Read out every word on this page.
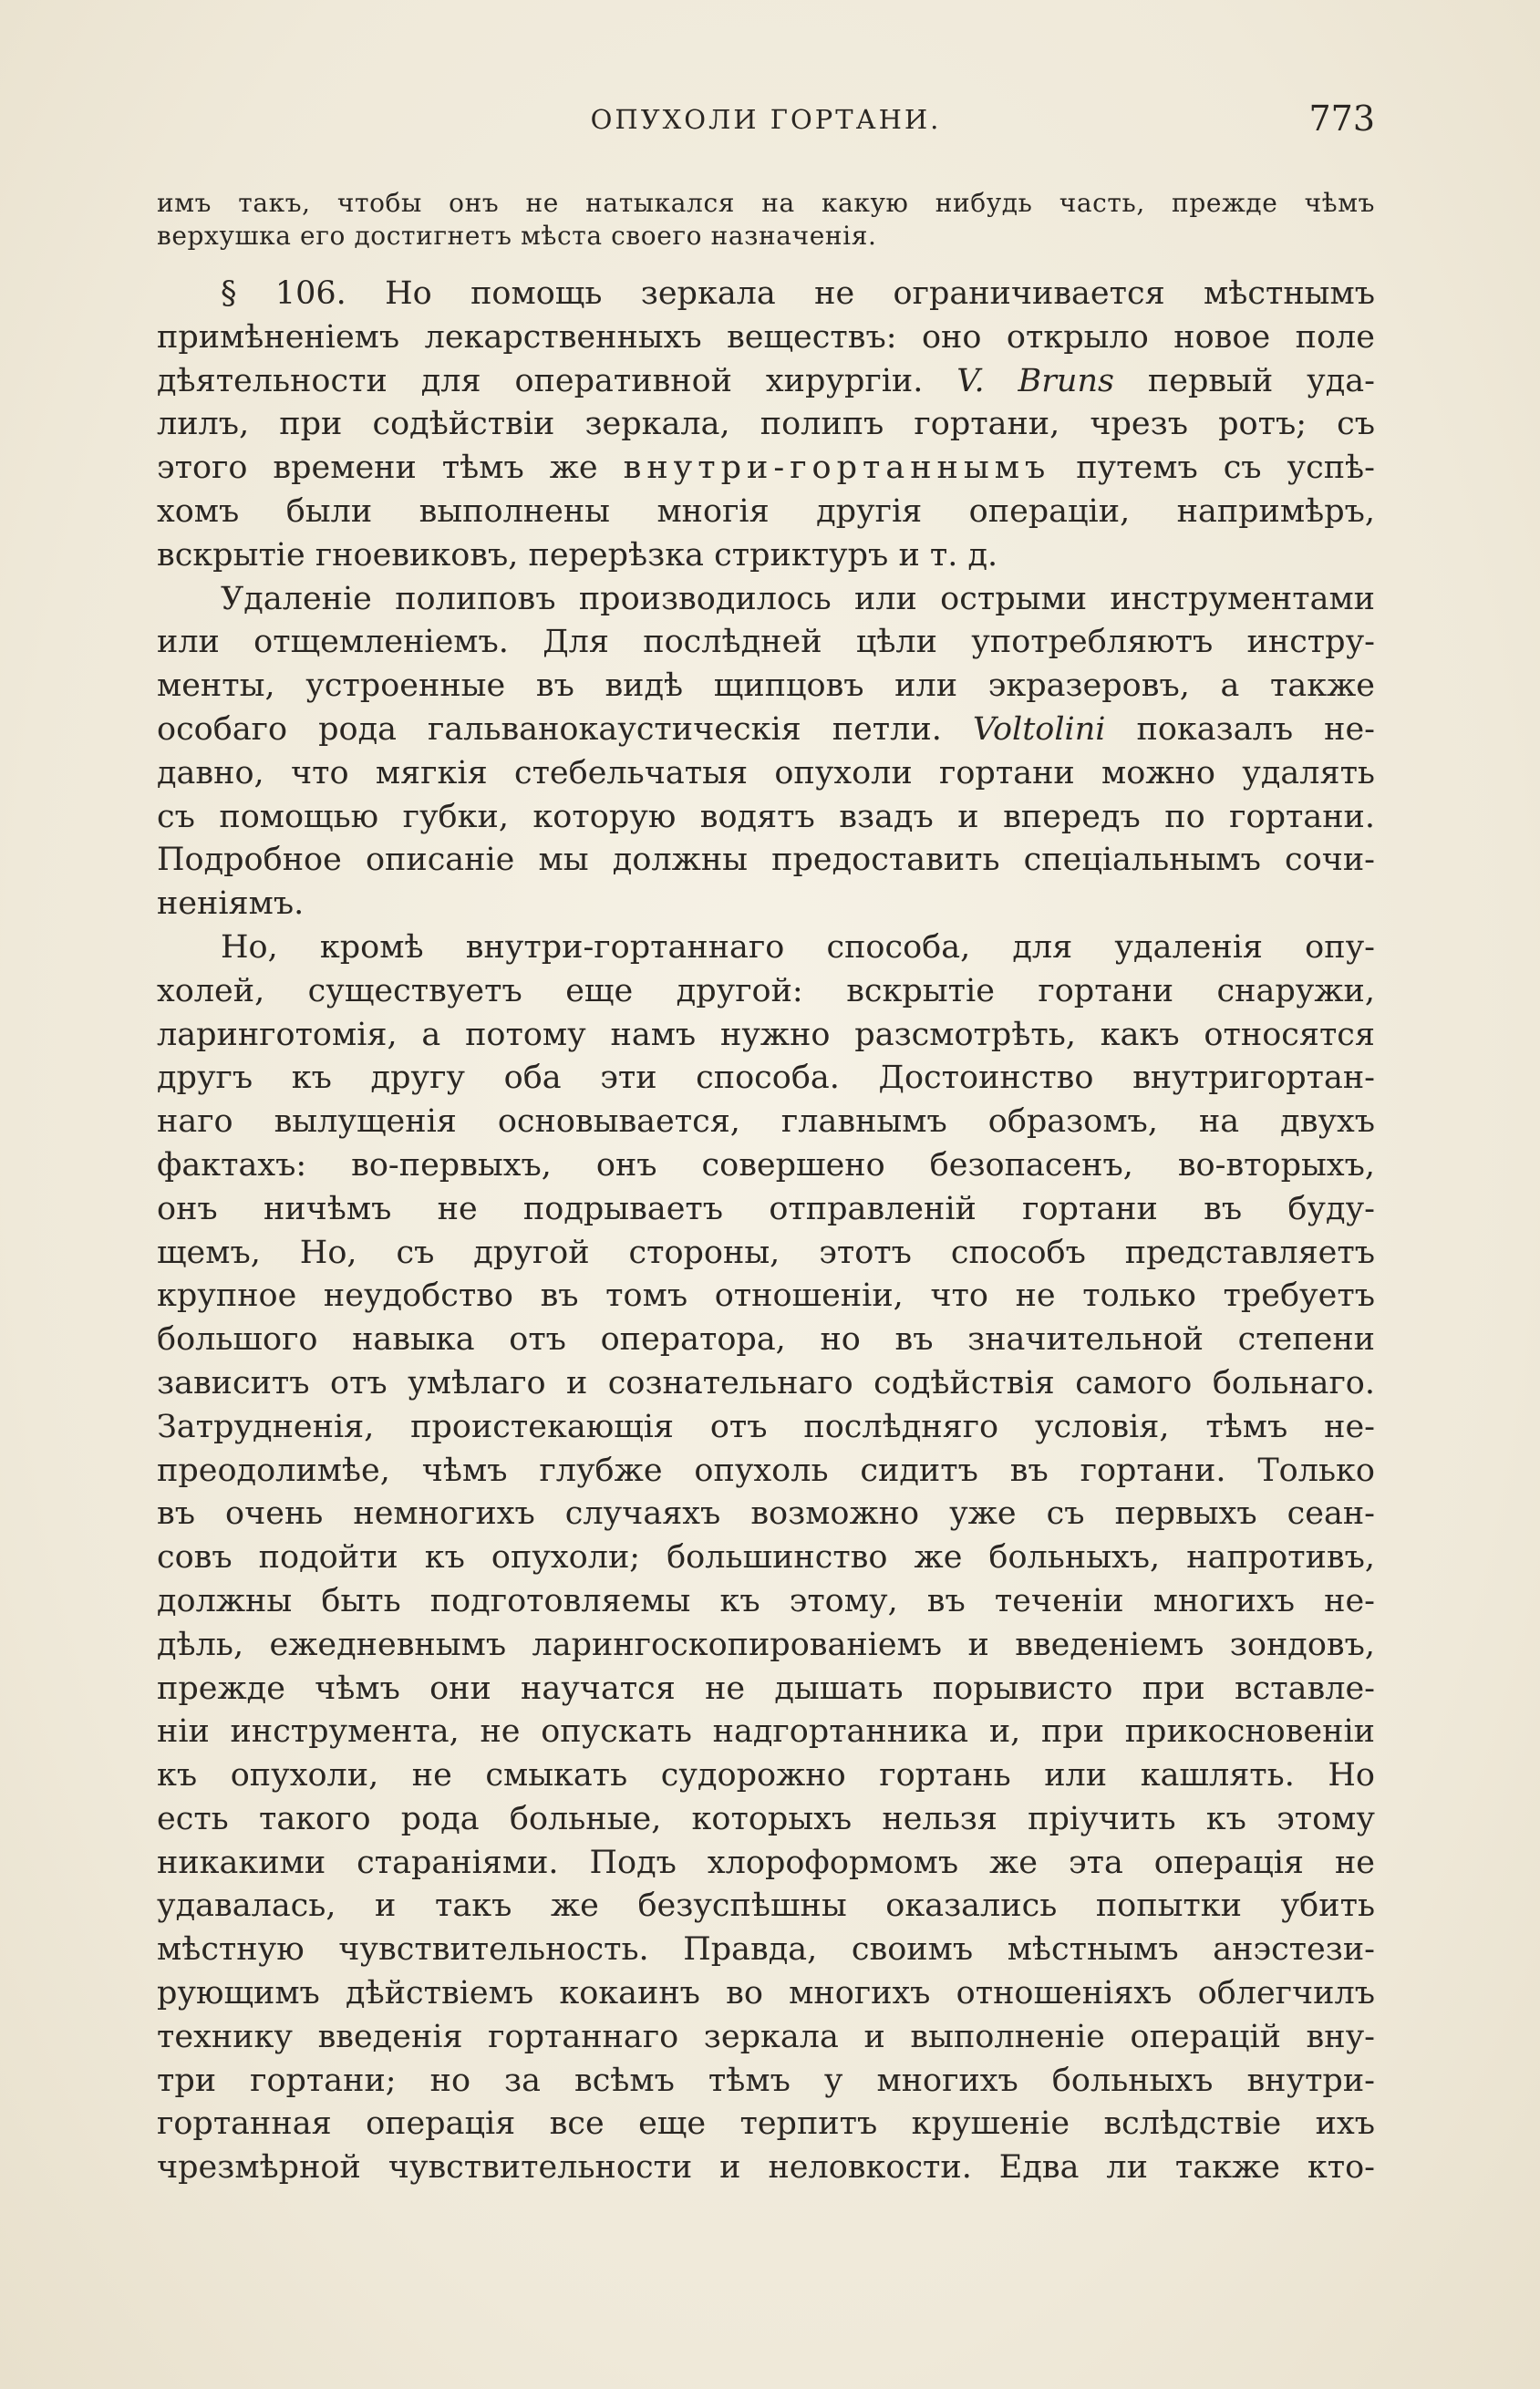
ОПУХОЛИ ГОРТАНИ.	773

имъ такъ, чтобы онъ не натыкался на какую нибудь часть, прежде чѣмъ
верхушка его достигнетъ мѣста своего назначенія.

§ 106. Но помощь зеркала не ограничивается мѣстнымъ
примѣненіемъ лекарственныхъ веществъ: оно открыло новое поле
дѣятельности для оперативной хирургіи. V. Bruns первый уда-
лилъ, при содѣйствіи зеркала, полипъ гортани, чрезъ ротъ; съ
этого времени тѣмъ же внутри-гортаннымъ путемъ съ успѣ-
хомъ были выполнены многія другія операціи, напримѣръ,
вскрытіе гноевиковъ, перерѣзка стриктуръ и т. д.

Удаленіе полиповъ производилось или острыми инструментами
или отщемленіемъ. Для послѣдней цѣли употребляютъ инстру-
менты, устроенные въ видѣ щипцовъ или экразеровъ, а также
особаго рода гальванокаустическія петли. Voltolini показалъ не-
давно, что мягкія стебельчатыя опухоли гортани можно удалять
съ помощью губки, которую водятъ взадъ и впередъ по гортани.
Подробное описаніе мы должны предоставить спеціальнымъ сочи-
неніямъ.

Но, кромѣ внутри-гортаннаго способа, для удаленія опу-
холей, существуетъ еще другой: вскрытіе гортани снаружи,
ларинготомія, а потому намъ нужно разсмотрѣть, какъ относятся
другъ къ другу оба эти способа. Достоинство внутригортан-
наго вылущенія основывается, главнымъ образомъ, на двухъ
фактахъ: во-первыхъ, онъ совершено безопасенъ, во-вторыхъ,
онъ ничѣмъ не подрываетъ отправленій гортани въ буду-
щемъ, Но, съ другой стороны, этотъ способъ представляетъ
крупное неудобство въ томъ отношеніи, что не только требуетъ
большого навыка отъ оператора, но въ значительной степени
зависитъ отъ умѣлаго и сознательнаго содѣйствія самого больнаго.
Затрудненія, проистекающія отъ послѣдняго условія, тѣмъ не-
преодолимѣе, чѣмъ глубже опухоль сидитъ въ гортани. Только
въ очень немногихъ случаяхъ возможно уже съ первыхъ сеан-
совъ подойти къ опухоли; большинство же больныхъ, напротивъ,
должны быть подготовляемы къ этому, въ теченіи многихъ не-
дѣль, ежедневнымъ ларингоскопированіемъ и введеніемъ зондовъ,
прежде чѣмъ они научатся не дышать порывисто при вставле-
ніи инструмента, не опускать надгортанника и, при прикосновеніи
къ опухоли, не смыкать судорожно гортань или кашлять. Но
есть такого рода больные, которыхъ нельзя пріучить къ этому
никакими стараніями. Подъ хлороформомъ же эта операція не
удавалась, и такъ же безуспѣшны оказались попытки убить
мѣстную чувствительность. Правда, своимъ мѣстнымъ анэстези-
рующимъ дѣйствіемъ кокаинъ во многихъ отношеніяхъ облегчилъ
технику введенія гортаннаго зеркала и выполненіе операцій вну-
три гортани; но за всѣмъ тѣмъ у многихъ больныхъ внутри-
гортанная операція все еще терпитъ крушеніе вслѣдствіе ихъ
чрезмѣрной чувствительности и неловкости. Едва ли также кто-
